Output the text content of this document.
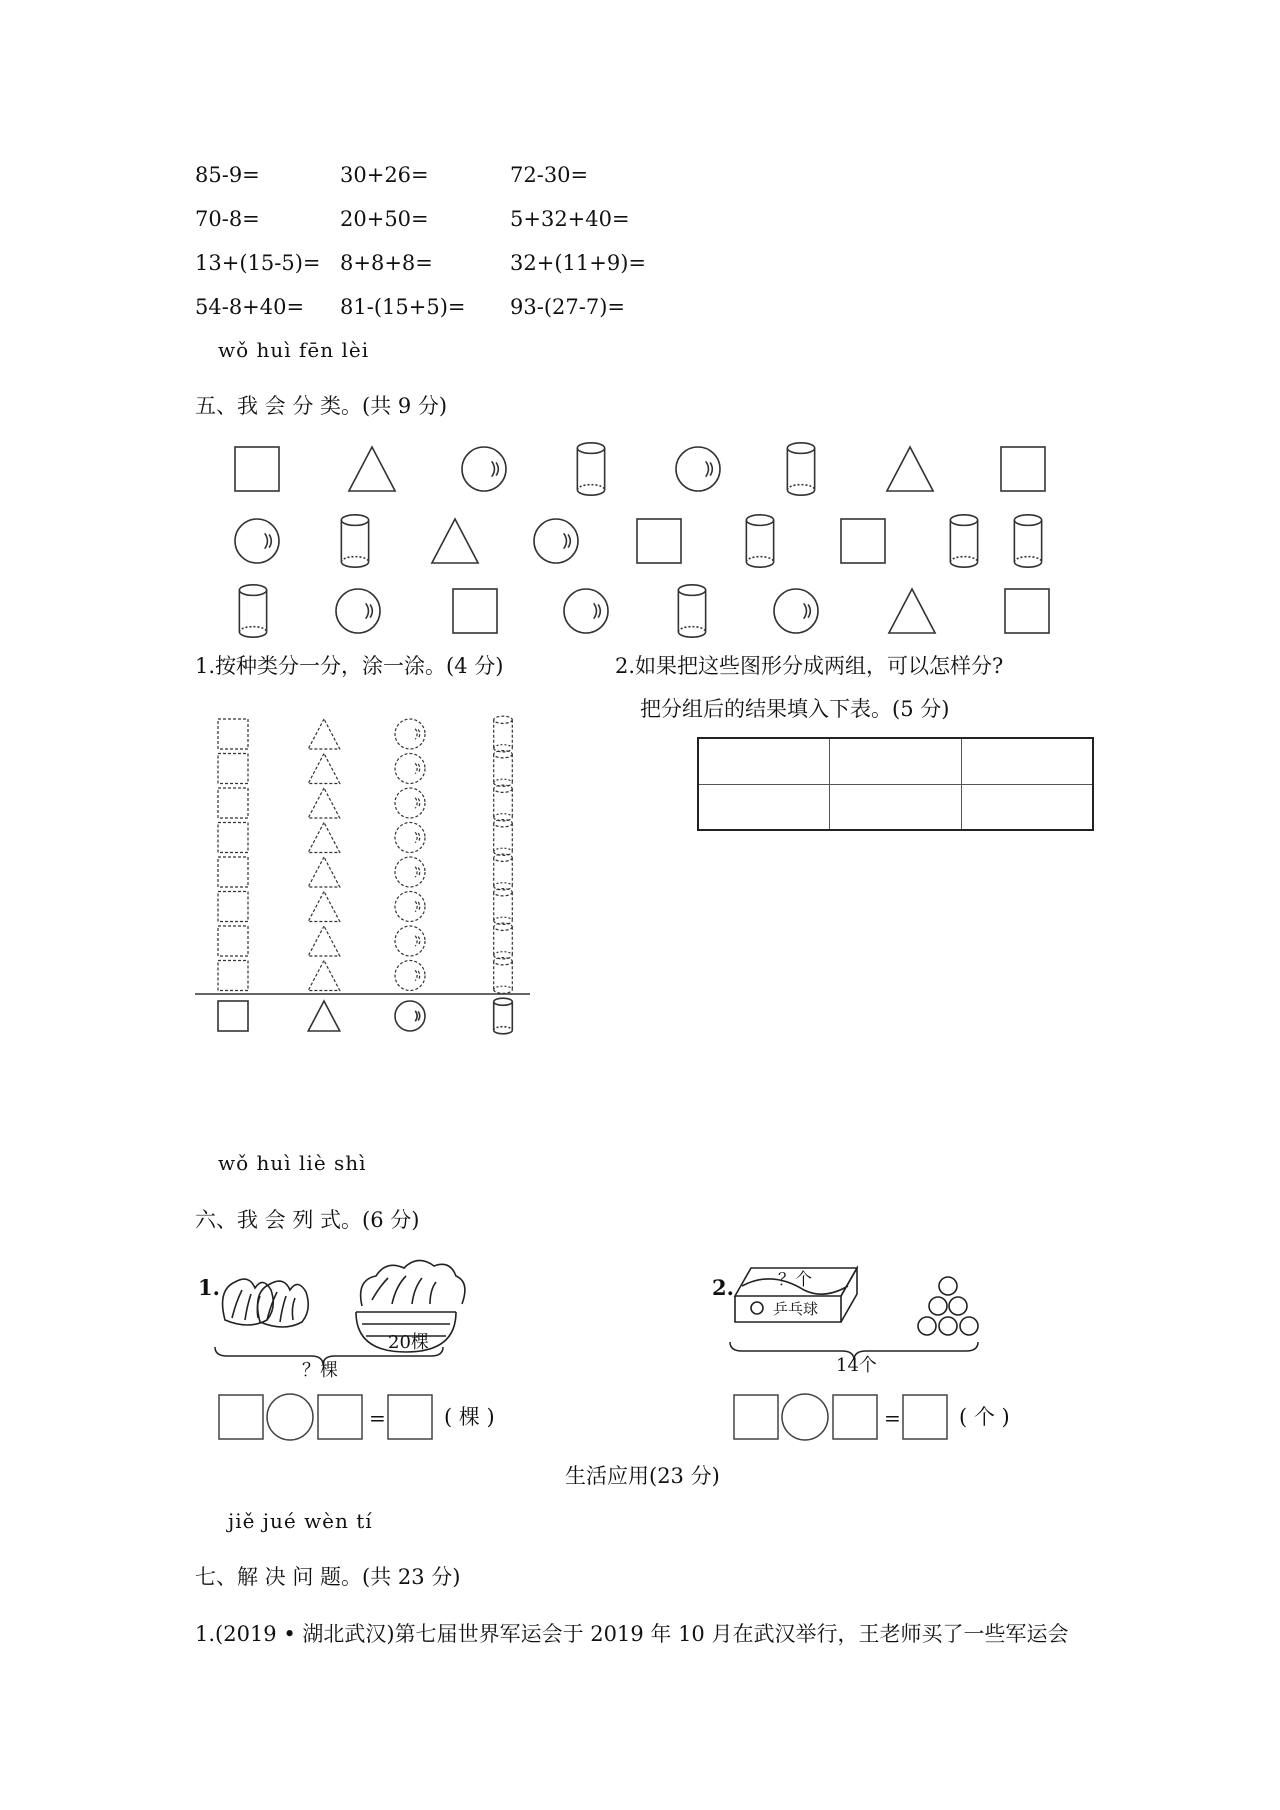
85-9=	30+26=	72-30=
70-8=	20+50=	5+32+40=
13+(15-5)= 8+8+8=	32+(11+9)=
54-8+40= 81-(15+5)= 93-(27-7)=
wǒ huì fēn lèi
五、我 会 分 类。(共 9 分)
1.按种类分一分，涂一涂。(4 分)	2.如果把这些图形分成两组，可以怎样分?
把分组后的结果填入下表。(5 分)

wǒ huì liè shì
六、我 会 列 式。(6 分)
1.	2.
20棵
？棵
=	( 棵 )
？个
乒乓球
14个
=	( 个 )
生活应用(23 分)
jiě jué wèn tí
七、解 决 问 题。(共 23 分)
1.(2019 • 湖北武汉)第七届世界军运会于 2019 年 10 月在武汉举行，王老师买了一些军运会
